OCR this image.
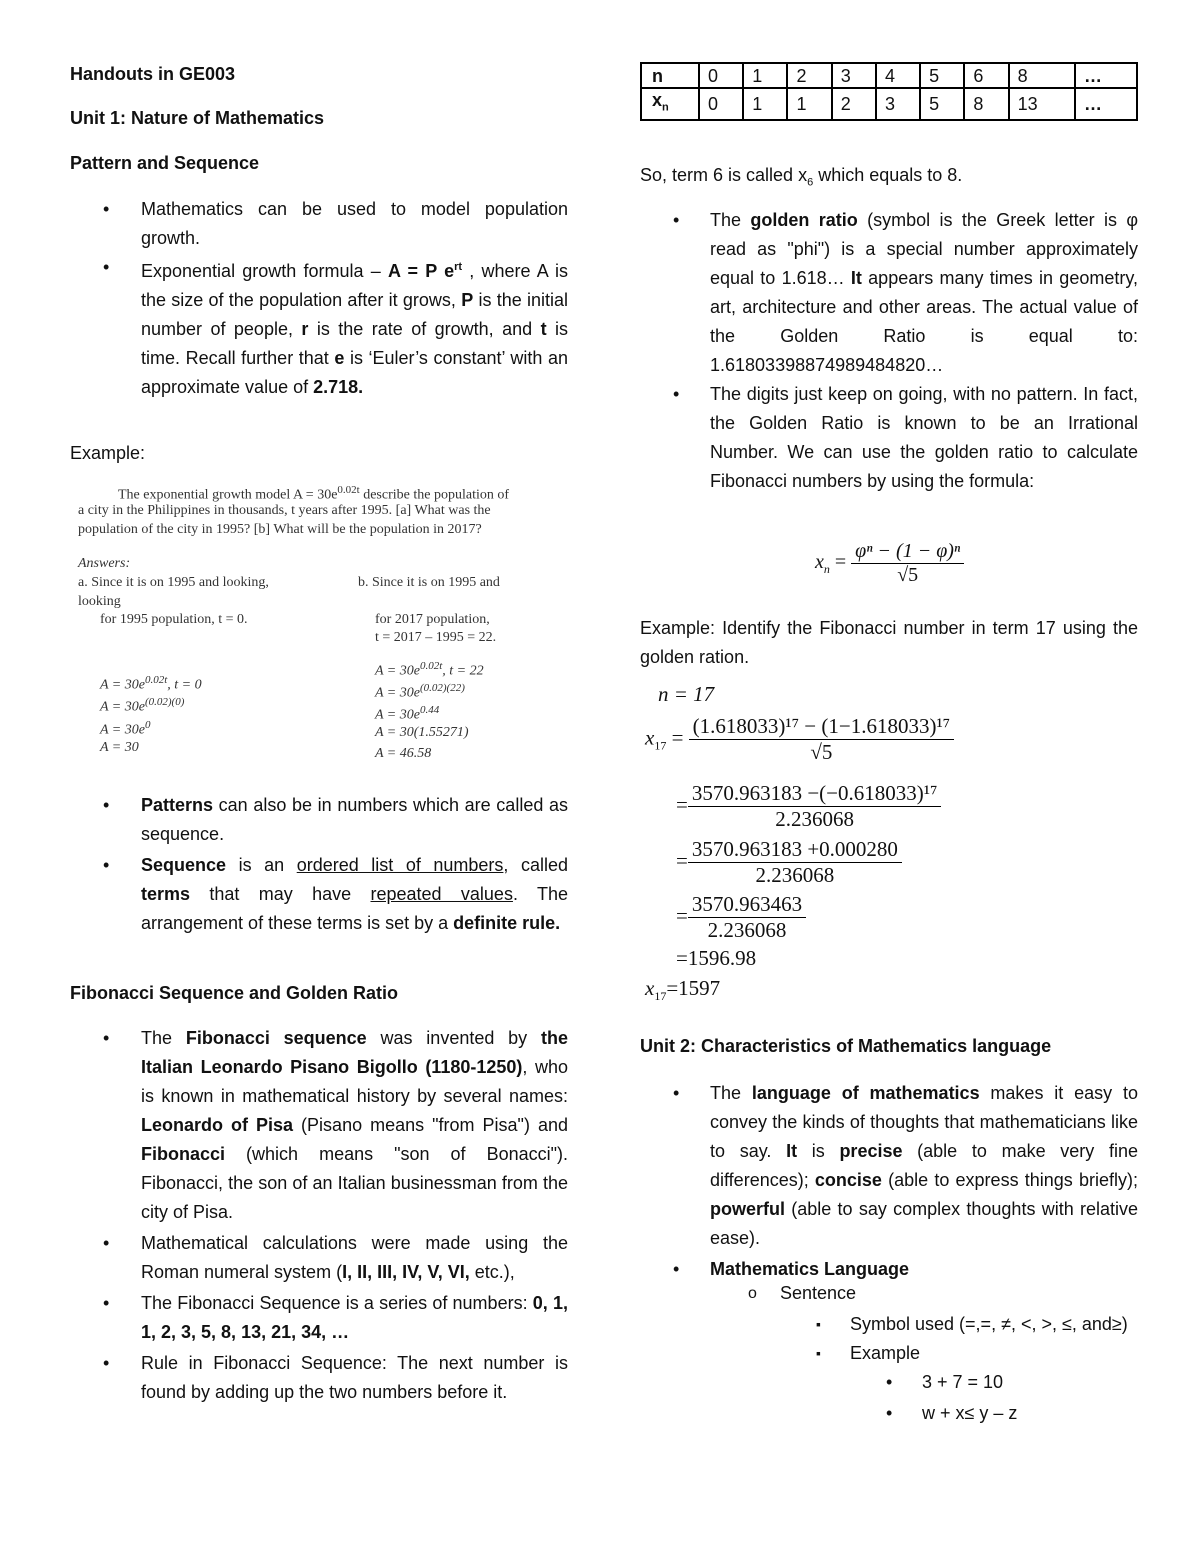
Handouts in GE003
Unit 1: Nature of Mathematics
Pattern and Sequence
• Mathematics can be used to model population growth.
• Exponential growth formula – A = P $e^{rt}$ , where A is the size of the population after it grows, P is the initial number of people, r is the rate of growth, and t is time. Recall further that e is ‘Euler’s constant’ with an approximate value of 2.718.
Example:
The exponential growth model $A = 30e^{0.02t}$ describe the population of
a city in the Philippines in thousands, t years after 1995. [a] What was the
population of the city in 1995? [b] What will be the population in 2017?
Answers:
a. Since it is on 1995 and looking,
looking
for 1995 population, t = 0.
b. Since it is on 1995 and
for 2017 population,
t = 2017 – 1995 = 22.
$A = 30e^{0.02t}$, t = 0
$A = 30e^{(0.02)(0)}$
$A = 30e^0$
A = 30
$A = 30e^{0.02t}$, t = 22
$A = 30e^{(0.02)(22)}$
$A = 30e^{0.44}$
A = 30(1.55271)
A = 46.58
• Patterns can also be in numbers which are called as sequence.
• Sequence is an ordered list of numbers, called terms that may have repeated values. The arrangement of these terms is set by a definite rule.
Fibonacci Sequence and Golden Ratio
• The Fibonacci sequence was invented by the Italian Leonardo Pisano Bigollo (1180-1250), who is known in mathematical history by several names: Leonardo of Pisa (Pisano means "from Pisa") and Fibonacci (which means "son of Bonacci"). Fibonacci, the son of an Italian businessman from the city of Pisa.
• Mathematical calculations were made using the Roman numeral system (I, II, III, IV, V, VI, etc.),
• The Fibonacci Sequence is a series of numbers: 0, 1, 1, 2, 3, 5, 8, 13, 21, 34, …
• Rule in Fibonacci Sequence: The next number is found by adding up the two numbers before it.
n	0	1	2	3	4	5	6	8	…
$x_n$	0	1	1	2	3	5	8	13	…
So, term 6 is called $x_6$ which equals to 8.
• The golden ratio (symbol is the Greek letter is φ read as "phi") is a special number approximately equal to 1.618… It appears many times in geometry, art, architecture and other areas. The actual value of the Golden Ratio is equal to: 1.61803398874989484820…
• The digits just keep on going, with no pattern. In fact, the Golden Ratio is known to be an Irrational Number. We can use the golden ratio to calculate Fibonacci numbers by using the formula:
$x_n = \frac{\text{φⁿ − (1 − φ)ⁿ}}{√5}$
Example: Identify the Fibonacci number in term 17 using the golden ration.
n = 17
$x_{17} = \frac{\text{(1.618033)¹⁷ − (1−1.618033)¹⁷}}{√5}$
= $\frac{\text{3570.963183 −(−0.618033)¹⁷}}{2.236068}$
= $\frac{3570.963183 +0.000280}{2.236068}$
= $\frac{3570.963463}{2.236068}$
=1596.98
$x_{17}=1597$
Unit 2: Characteristics of Mathematics language
• The language of mathematics makes it easy to convey the kinds of thoughts that mathematicians like to say. It is precise (able to make very fine differences); concise (able to express things briefly); powerful (able to say complex thoughts with relative ease).
• Mathematics Language
o Sentence
▪ Symbol used (=,=, ≠, <, >, ≤, and≥)
▪ Example
• 3 + 7 = 10
• w + x≤ y – z
